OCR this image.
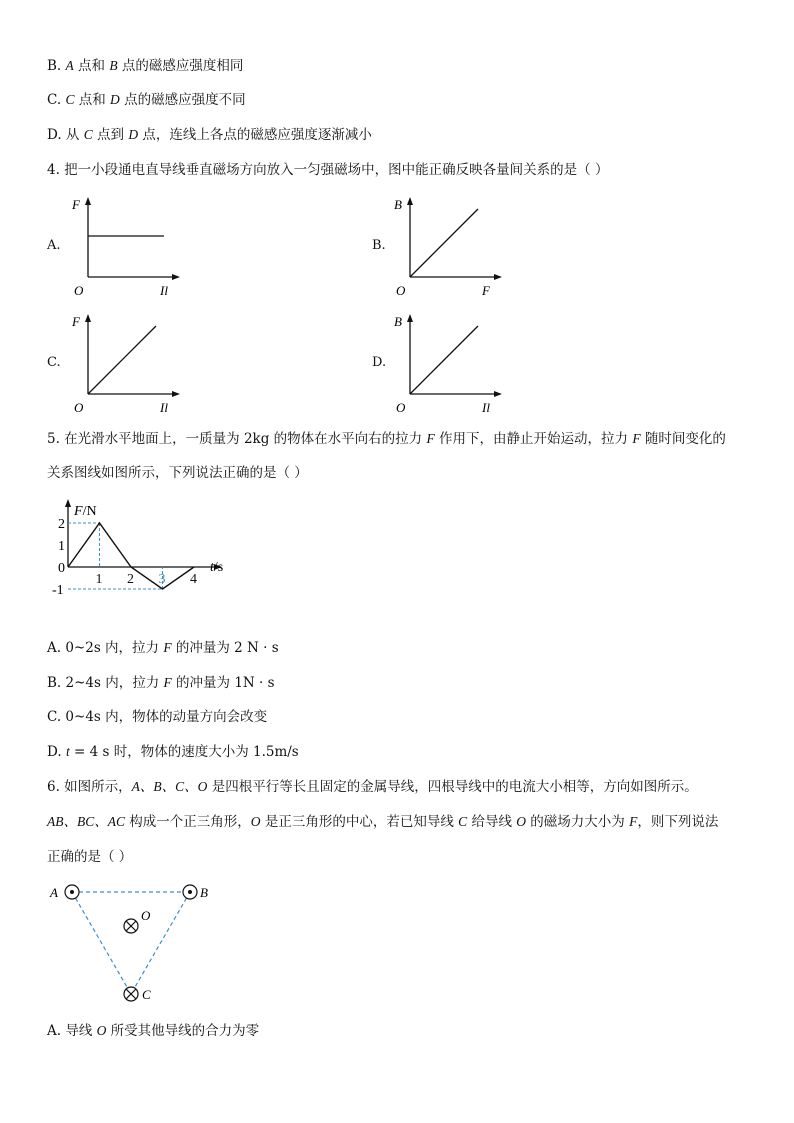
B. A 点和 B 点的磁感应强度相同
C. C 点和 D 点的磁感应强度不同
D. 从 C 点到 D 点，连线上各点的磁感应强度逐渐减小
4. 把一小段通电直导线垂直磁场方向放入一匀强磁场中，图中能正确反映各量间关系的是（ ）
A.
F
O	Il
B.
B
O	F
C.
F
O	Il
D.
B
O	Il
5. 在光滑水平地面上，一质量为 2kg 的物体在水平向右的拉力 F 作用下，由静止开始运动，拉力 F 随时间变化的
关系图线如图所示，下列说法正确的是（ ）
F/N
t/s
2
1
0
-1
1 2 3 4
A. 0~2s 内，拉力 F 的冲量为 2 N · s
B. 2~4s 内，拉力 F 的冲量为 1N · s
C. 0~4s 内，物体的动量方向会改变
D. t = 4 s 时，物体的速度大小为 1.5m/s
6. 如图所示，A、B、C、O 是四根平行等长且固定的金属导线，四根导线中的电流大小相等，方向如图所示。
AB、BC、AC 构成一个正三角形，O 是正三角形的中心，若已知导线 C 给导线 O 的磁场力大小为 F，则下列说法
正确的是（ ）
A	B
O
C
A. 导线 O 所受其他导线的合力为零
